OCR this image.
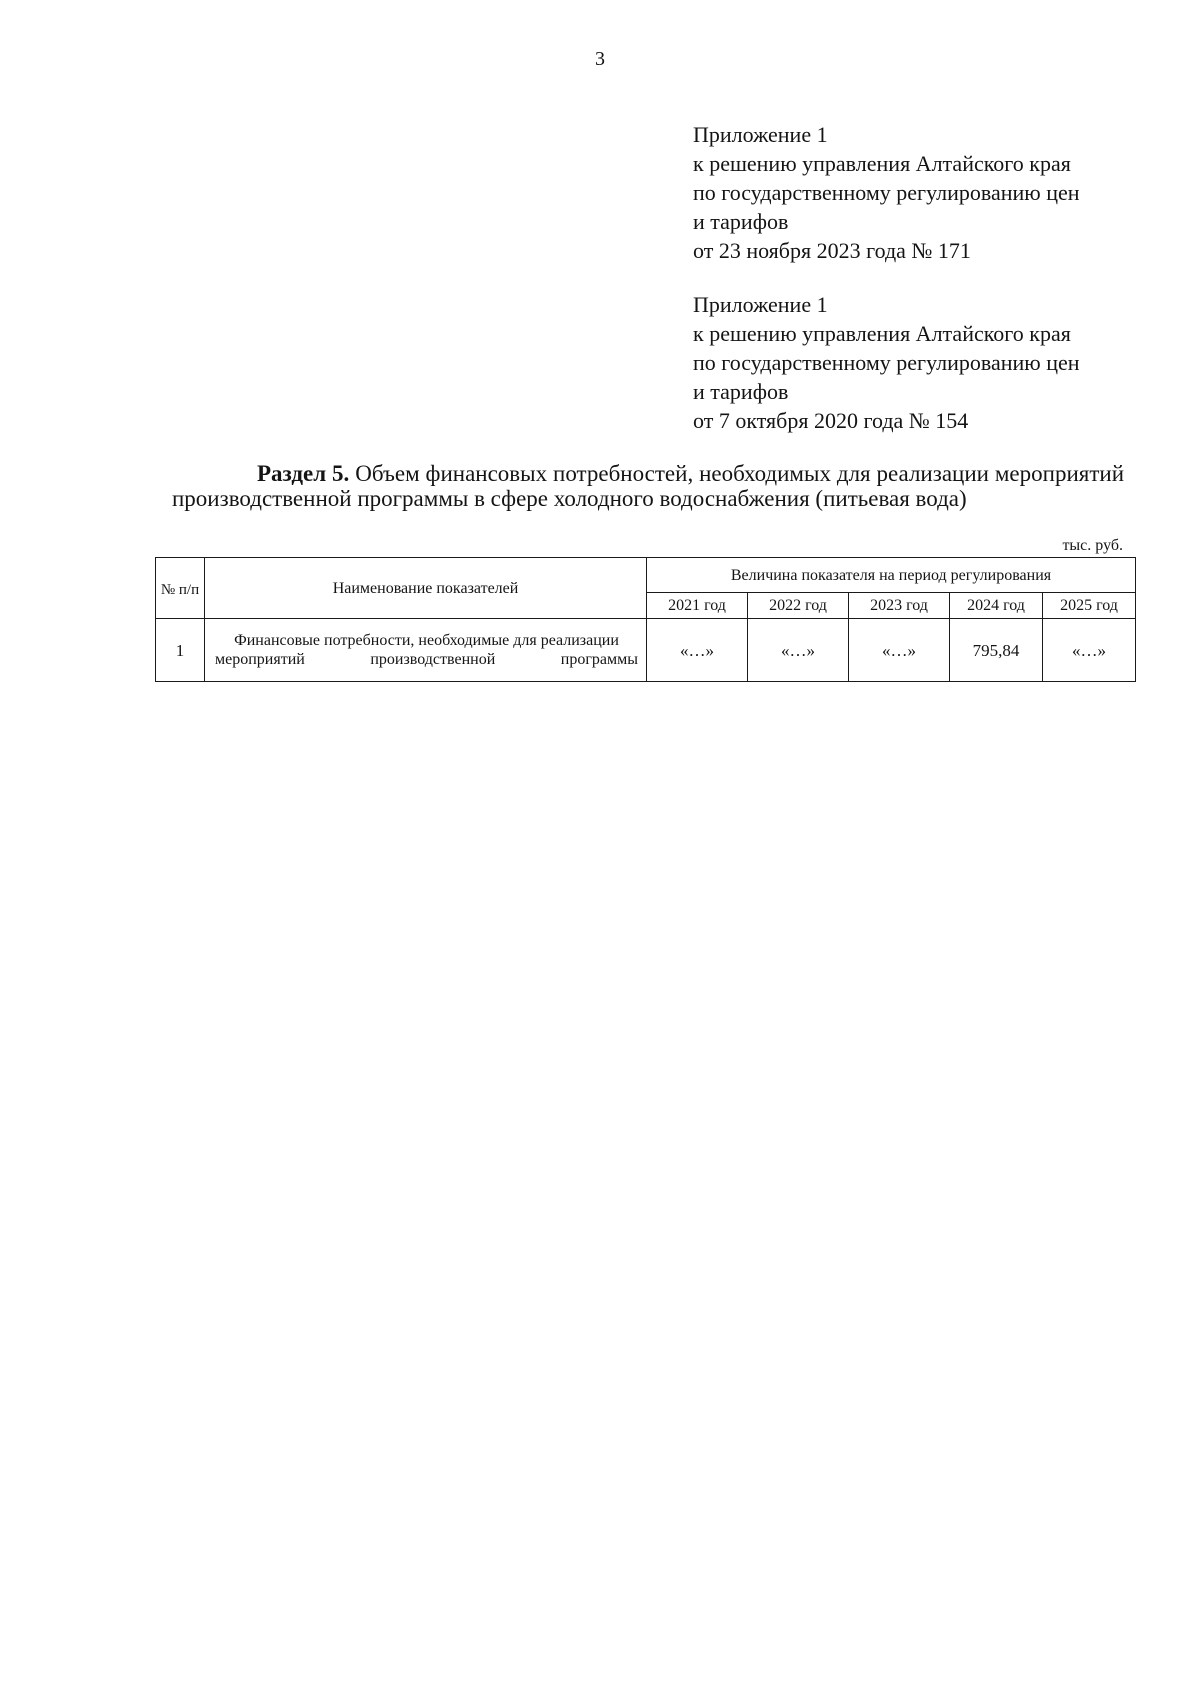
3
Приложение 1
к решению управления Алтайского края
по государственному регулированию цен
и тарифов
от 23 ноября 2023 года № 171
Приложение 1
к решению управления Алтайского края
по государственному регулированию цен
и тарифов
от 7 октября 2020 года № 154
Раздел 5. Объем финансовых потребностей, необходимых для реализации мероприятий производственной программы в сфере холодного водоснабжения (питьевая вода)
тыс. руб.
№ п/п	Наименование показателей	Величина показателя на период регулирования				
		2021 год	2022 год	2023 год	2024 год	2025 год
1	Финансовые потребности, необходимые для реализации мероприятий производственной программы	«…»	«…»	«…»	795,84	«…»
